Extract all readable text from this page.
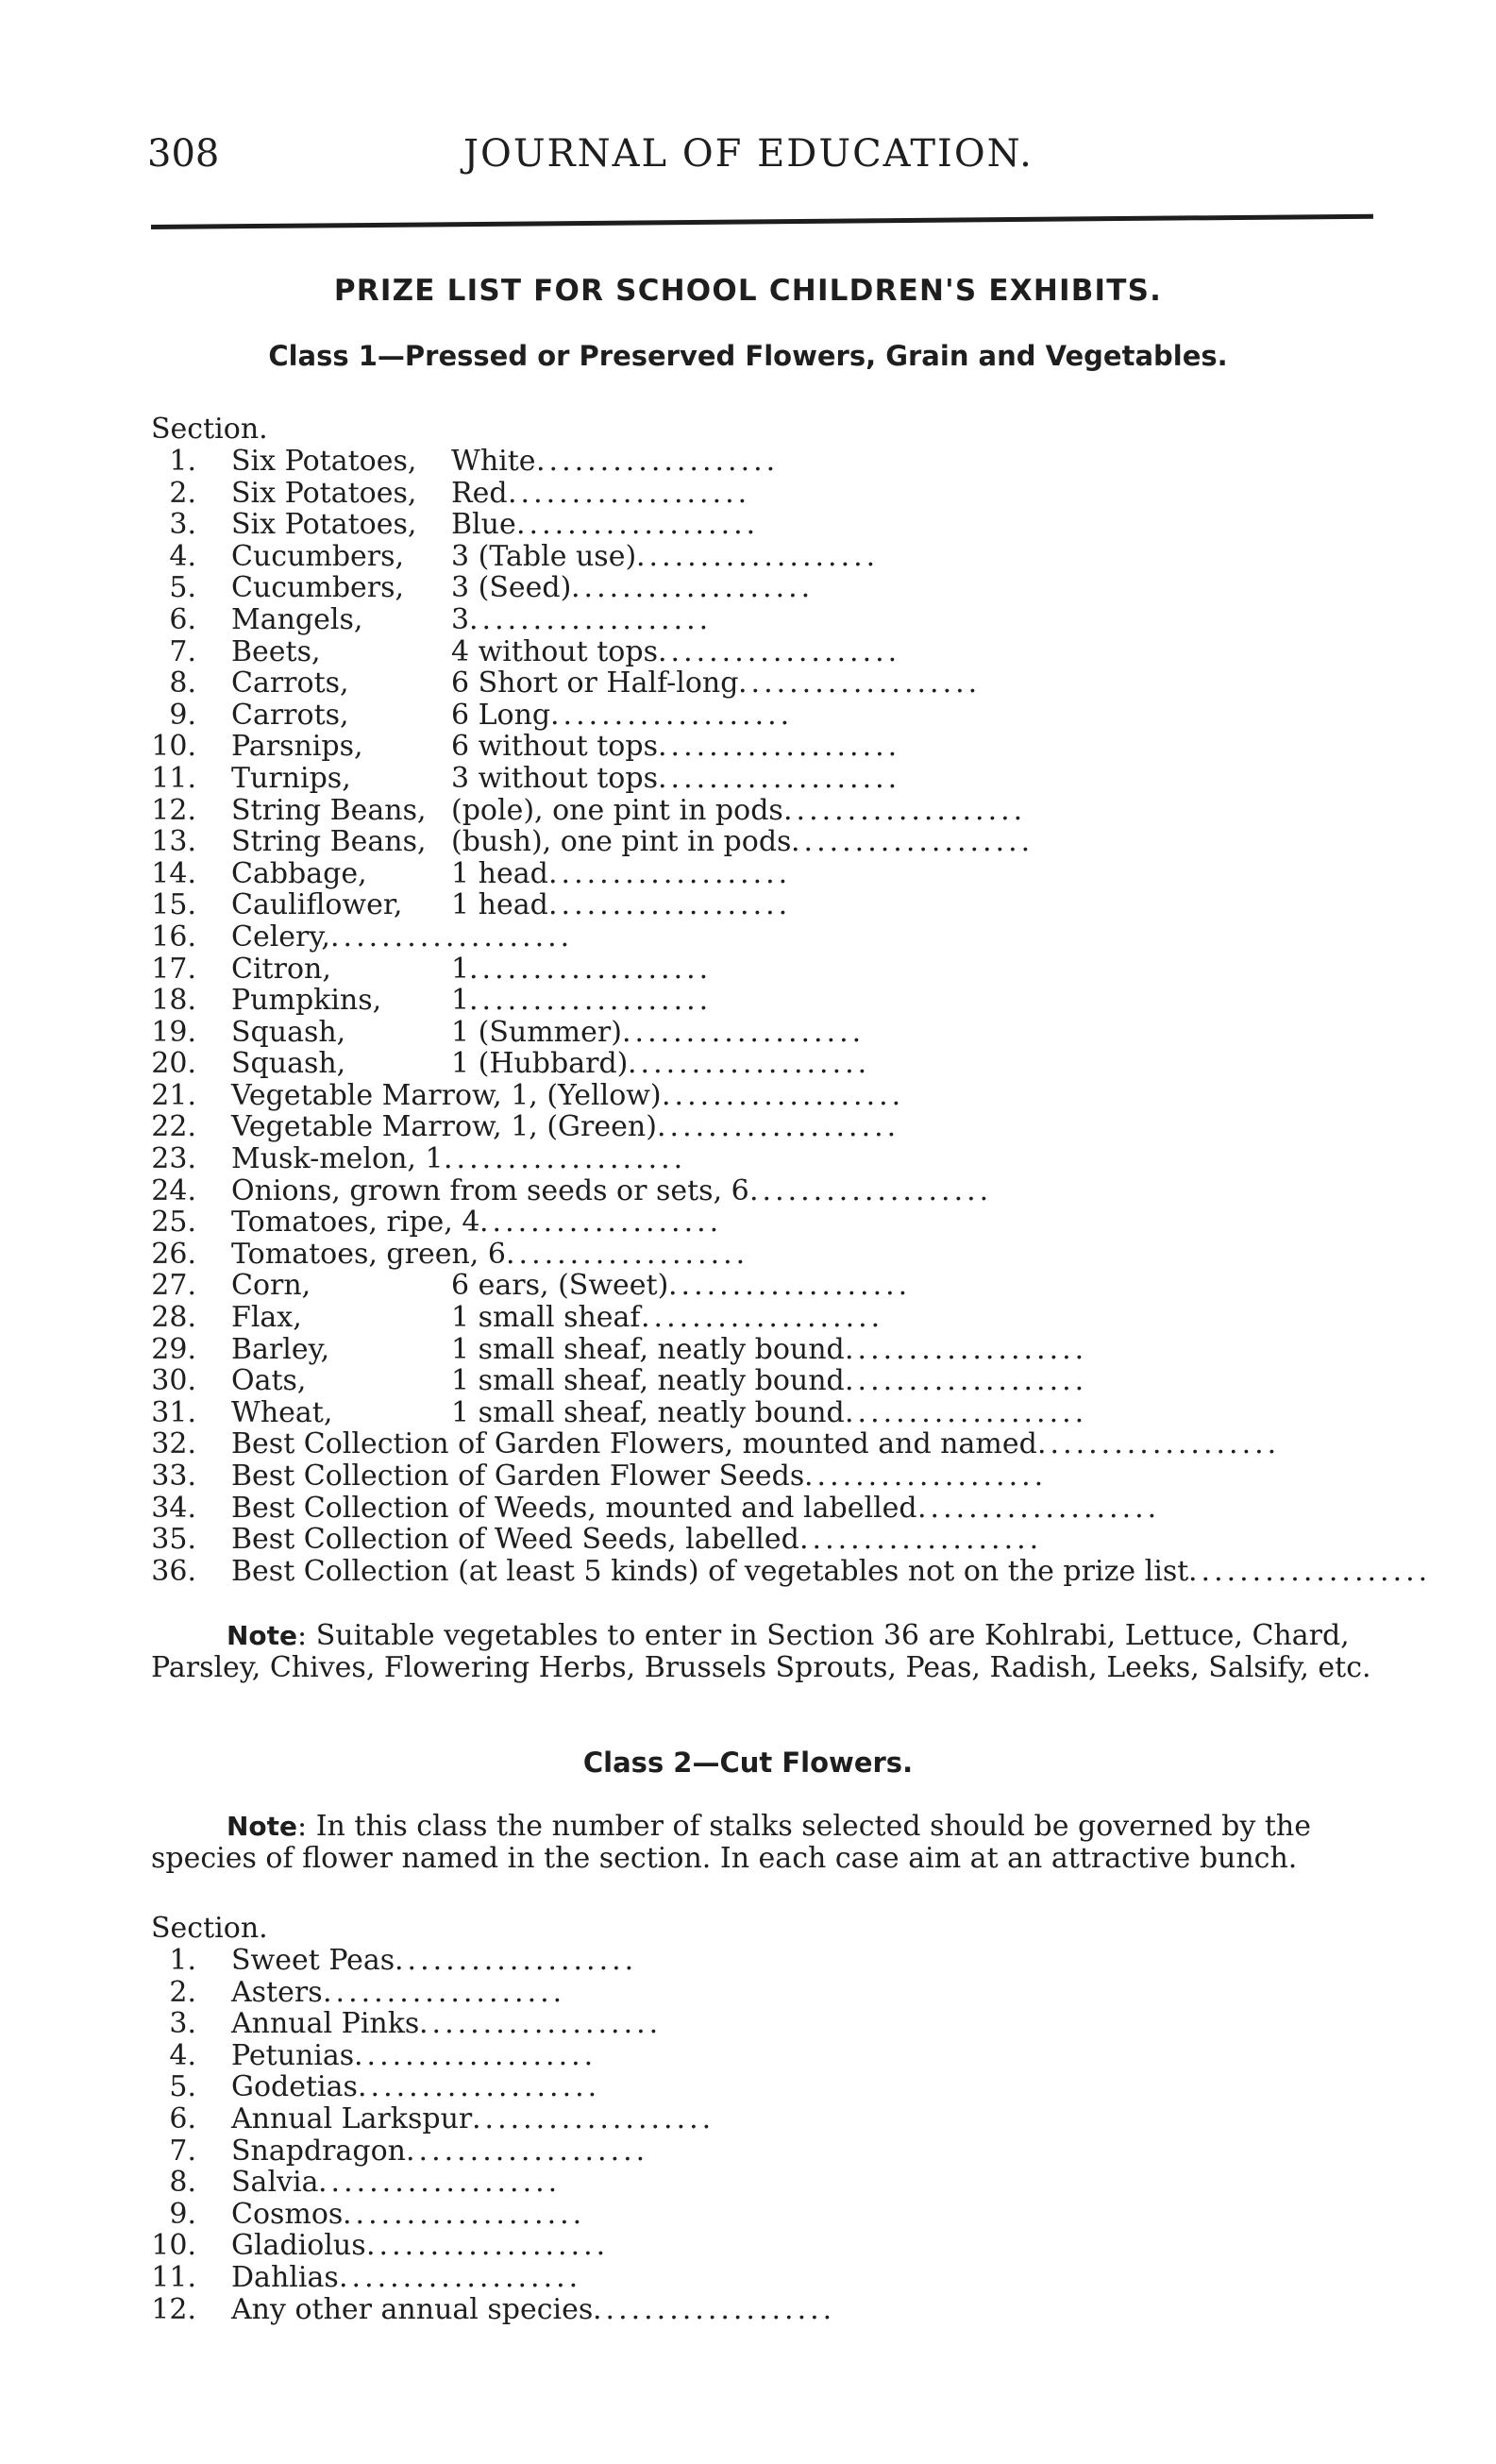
308	JOURNAL OF EDUCATION.
PRIZE LIST FOR SCHOOL CHILDREN'S EXHIBITS.
Class 1—Pressed or Preserved Flowers, Grain and Vegetables.
Section.
1. Six Potatoes, White ...................
2. Six Potatoes, Red ...................
3. Six Potatoes, Blue ...................
4. Cucumbers, 3 (Table use) ...................
5. Cucumbers, 3 (Seed) ...................
6. Mangels,	3 ...................
7. Beets,	4 without tops ...................
8. Carrots,	6 Short or Half-long ...................
9. Carrots,	6 Long ...................
10. Parsnips,	6 without tops ...................
11. Turnips,	3 without tops ...................
12. String Beans, (pole), one pint in pods ...................
13. String Beans, (bush), one pint in pods ...................
14. Cabbage,	1 head ...................
15. Cauliflower, 1 head ...................
16. Celery, ...................
17. Citron,	1 ...................
18. Pumpkins, 1 ...................
19. Squash,	1 (Summer) ...................
20. Squash,	1 (Hubbard) ...................
21. Vegetable Marrow, 1, (Yellow) ...................
22. Vegetable Marrow, 1, (Green) ...................
23. Musk-melon, 1 ...................
24. Onions, grown from seeds or sets, 6 ...................
25. Tomatoes, ripe, 4 ...................
26. Tomatoes, green, 6 ...................
27. Corn,	6 ears, (Sweet) ...................
28. Flax,	1 small sheaf ...................
29. Barley,	1 small sheaf, neatly bound ...................
30. Oats,	1 small sheaf, neatly bound ...................
31. Wheat,	1 small sheaf, neatly bound ...................
32. Best Collection of Garden Flowers, mounted and named ...................
33. Best Collection of Garden Flower Seeds ...................
34. Best Collection of Weeds, mounted and labelled ...................
35. Best Collection of Weed Seeds, labelled ...................
36. Best Collection (at least 5 kinds) of vegetables not on the prize list ...................

Note: Suitable vegetables to enter in Section 36 are Kohlrabi, Lettuce, Chard, Parsley, Chives, Flowering Herbs, Brussels Sprouts, Peas, Radish, Leeks, Salsify, etc.

Class 2—Cut Flowers.

Note: In this class the number of stalks selected should be governed by the species of flower named in the section. In each case aim at an attractive bunch.

Section.
1. Sweet Peas ...................
2. Asters ...................
3. Annual Pinks ...................
4. Petunias ...................
5. Godetias ...................
6. Annual Larkspur ...................
7. Snapdragon ...................
8. Salvia ...................
9. Cosmos ...................
10. Gladiolus ...................
11. Dahlias ...................
12. Any other annual species ...................
